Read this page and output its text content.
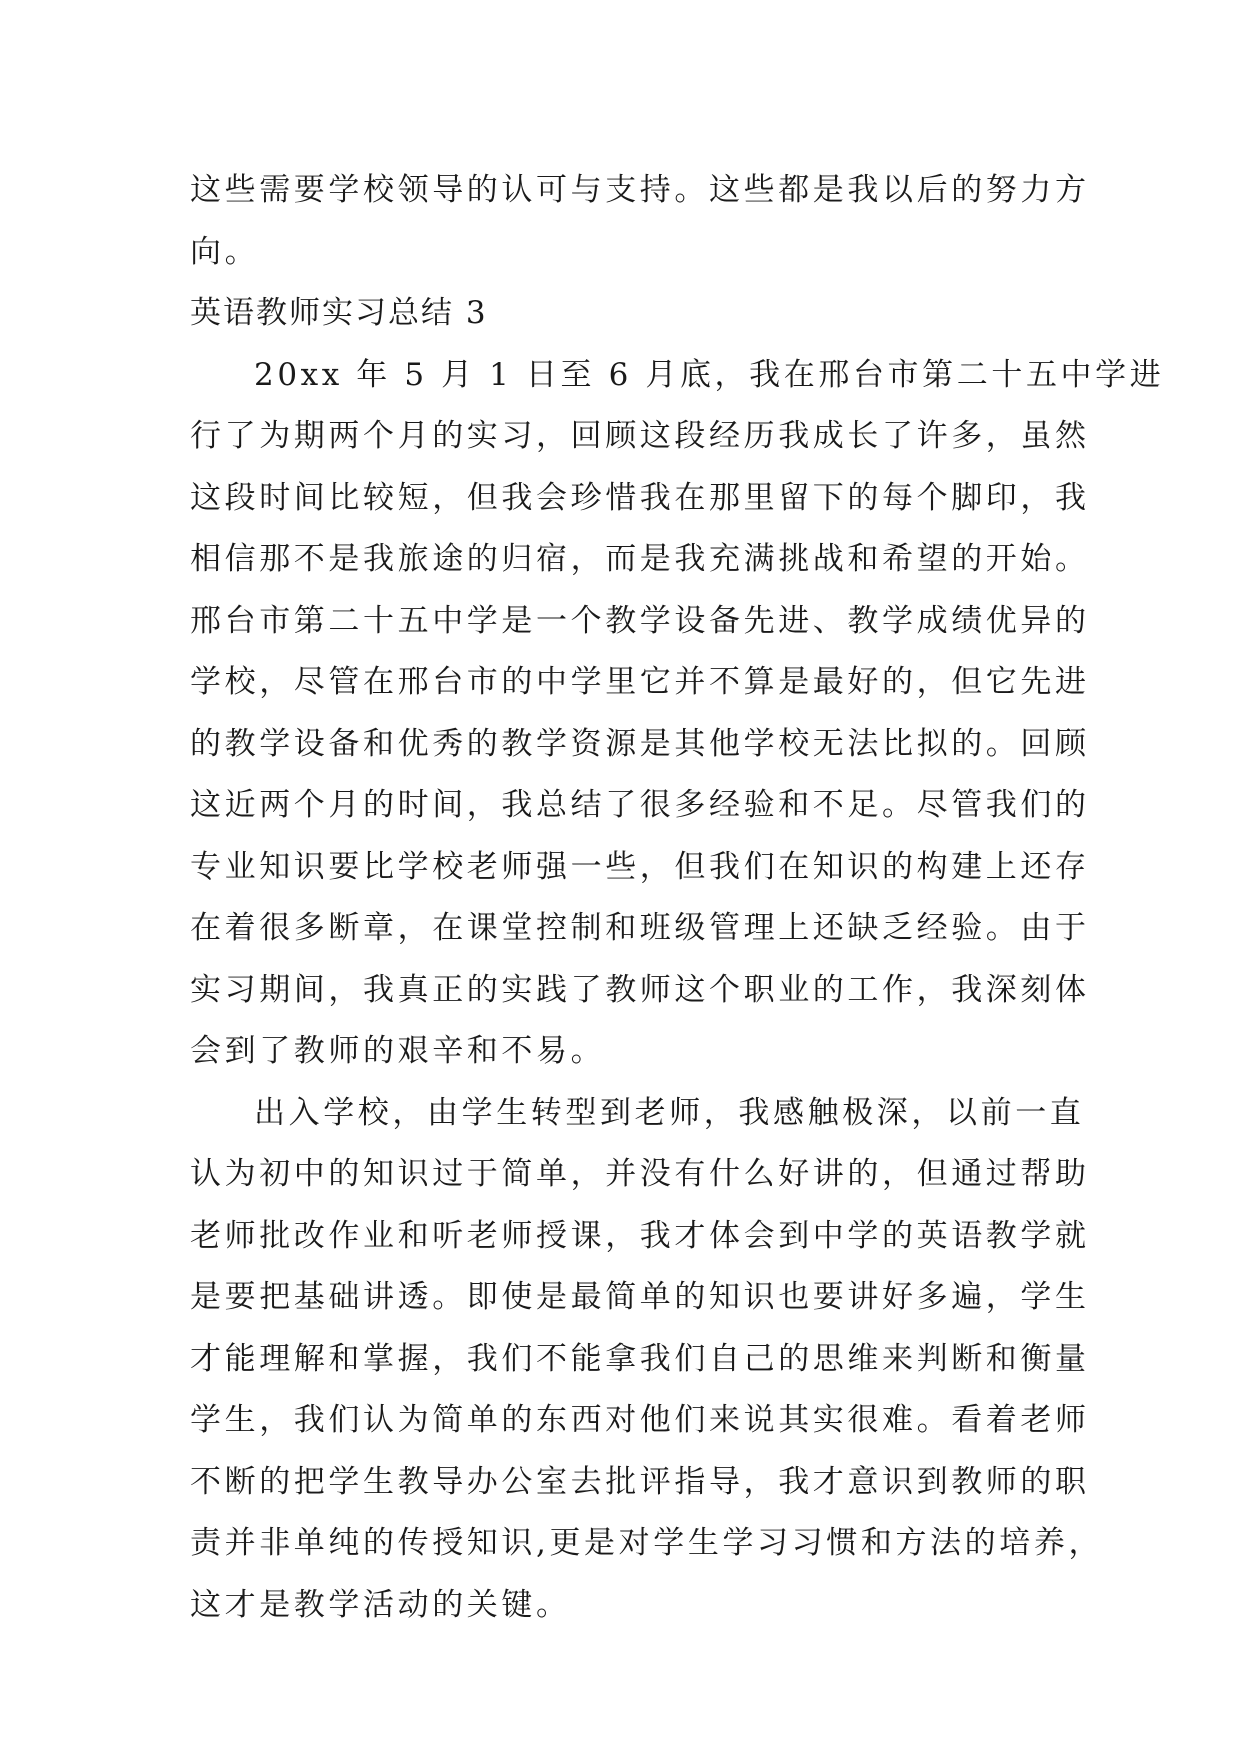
这些需要学校领导的认可与支持。这些都是我以后的努力方
向。
英语教师实习总结 3
20xx 年 5 月 1 日至 6 月底，我在邢台市第二十五中学进
行了为期两个月的实习，回顾这段经历我成长了许多，虽然
这段时间比较短，但我会珍惜我在那里留下的每个脚印，我
相信那不是我旅途的归宿，而是我充满挑战和希望的开始。
邢台市第二十五中学是一个教学设备先进、教学成绩优异的
学校，尽管在邢台市的中学里它并不算是最好的，但它先进
的教学设备和优秀的教学资源是其他学校无法比拟的。回顾
这近两个月的时间，我总结了很多经验和不足。尽管我们的
专业知识要比学校老师强一些，但我们在知识的构建上还存
在着很多断章，在课堂控制和班级管理上还缺乏经验。由于
实习期间，我真正的实践了教师这个职业的工作，我深刻体
会到了教师的艰辛和不易。
出入学校，由学生转型到老师，我感触极深，以前一直
认为初中的知识过于简单，并没有什么好讲的，但通过帮助
老师批改作业和听老师授课，我才体会到中学的英语教学就
是要把基础讲透。即使是最简单的知识也要讲好多遍，学生
才能理解和掌握，我们不能拿我们自己的思维来判断和衡量
学生，我们认为简单的东西对他们来说其实很难。看着老师
不断的把学生教导办公室去批评指导，我才意识到教师的职
责并非单纯的传授知识,更是对学生学习习惯和方法的培养，
这才是教学活动的关键。
